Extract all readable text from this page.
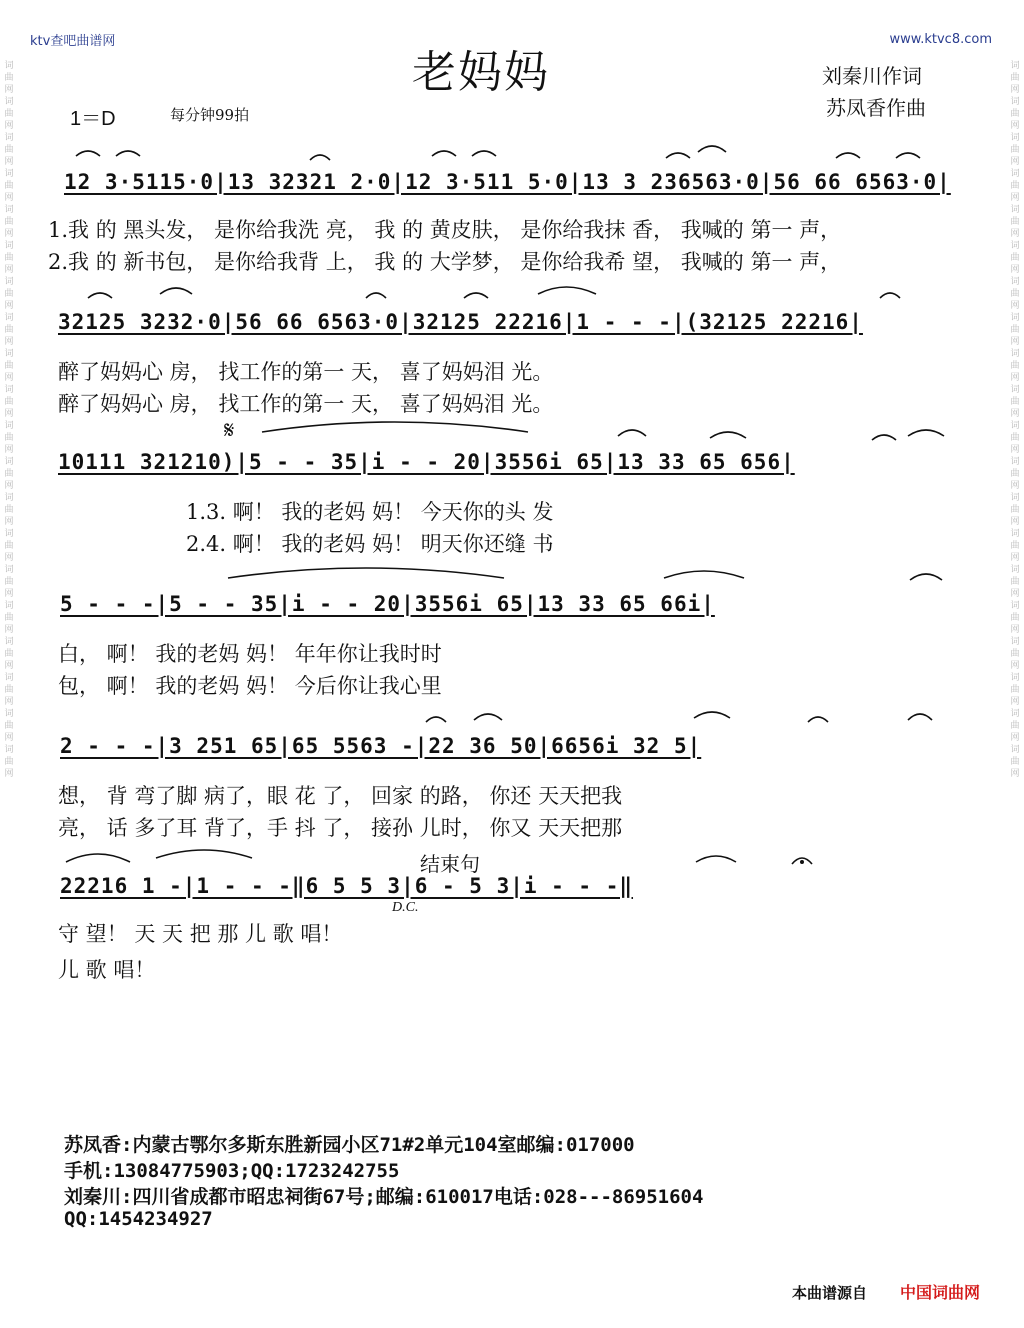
ktv查吧曲谱网	www.ktvc8.com
词曲网词曲网词曲网词曲网词曲网词曲网词曲网词曲网词曲网词曲网词曲网词曲网词曲网词曲网词曲网词曲网词曲网词曲网词曲网词曲网
词曲网词曲网词曲网词曲网词曲网词曲网词曲网词曲网词曲网词曲网词曲网词曲网词曲网词曲网词曲网词曲网词曲网词曲网词曲网词曲网
老妈妈	刘秦川作词
苏凤香作曲
1＝D	每分钟99拍
12 3·5115·0|13 32321 2·0|12 3·511 5·0|13 3 236563·0|56 66 6563·0|
1.我 的 黑头发， 是你给我洗 亮， 我 的 黄皮肤， 是你给我抹 香， 我喊的 第一 声，
2.我 的 新书包， 是你给我背 上， 我 的 大学梦， 是你给我希 望， 我喊的 第一 声，
32125 3232·0|56 66 6563·0|32125 22216|1 - - -|(32125 22216|
醉了妈妈心 房， 找工作的第一 天， 喜了妈妈泪 光。
醉了妈妈心 房， 找工作的第一 天， 喜了妈妈泪 光。
𝄋
10111 321210)|5 - - 35|i - - 20|3556i 65|13 33 65 656|
1.3. 啊！ 我的老妈 妈！ 今天你的头 发
2.4. 啊！ 我的老妈 妈！ 明天你还缝 书
5 - - -|5 - - 35|i - - 20|3556i 65|13 33 65 66i|
白， 啊！ 我的老妈 妈！ 年年你让我时时
包， 啊！ 我的老妈 妈！ 今后你让我心里
2 - - -|3 251 65|65 5563 -|22 36 50|6656i 32 5|
想， 背 弯了脚 病了，眼 花 了， 回家 的路， 你还 天天把我
亮， 话 多了耳 背了，手 抖 了， 接孙 儿时， 你又 天天把那
结束句
D.C.
22216 1 -|1 - - -‖6 5 5 3|6 - 5 3|i - - -‖
守 望！ 天 天 把 那 儿 歌 唱！
儿 歌 唱！
苏凤香:内蒙古鄂尔多斯东胜新园小区71#2单元104室邮编:017000
手机:13084775903;QQ:1723242755
刘秦川:四川省成都市昭忠祠街67号;邮编:610017电话:028---86951604
QQ:1454234927
本曲谱源自 中国词曲网
